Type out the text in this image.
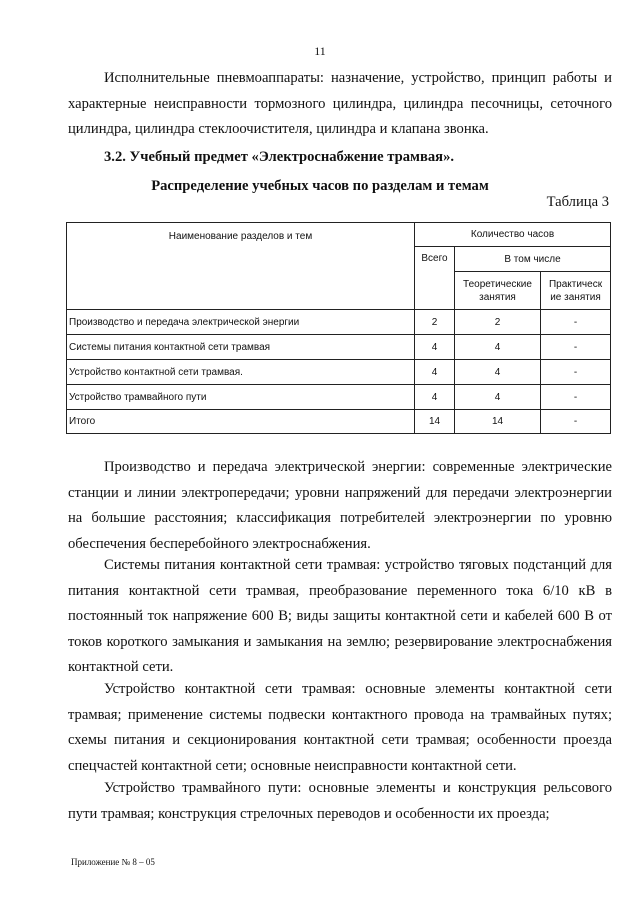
11
Исполнительные пневмоаппараты: назначение, устройство, принцип работы и характерные неисправности тормозного цилиндра, цилиндра песочницы, сеточного цилиндра, цилиндра стеклоочистителя, цилиндра и клапана звонка.
3.2. Учебный предмет «Электроснабжение трамвая».
Распределение учебных часов по разделам и темам
Таблица 3
Наименование разделов и тем	Количество часов		
	Всего	В том числе	
		Теоретические занятия	Практическ ие занятия
Производство и передача электрической энергии	2	2	-
Системы питания контактной сети трамвая	4	4	-
Устройство контактной сети трамвая.	4	4	-
Устройство трамвайного пути	4	4	-
Итого	14	14	-
Производство и передача электрической энергии: современные электрические станции и линии электропередачи; уровни напряжений для передачи электроэнергии на большие расстояния; классификация потребителей электроэнергии по уровню обеспечения бесперебойного электроснабжения.
Системы питания контактной сети трамвая: устройство тяговых подстанций для питания контактной сети трамвая, преобразование переменного тока 6/10 кВ в постоянный ток напряжение 600 В; виды защиты контактной сети и кабелей 600 В от токов короткого замыкания и замыкания на землю; резервирование электроснабжения контактной сети.
Устройство контактной сети трамвая: основные элементы контактной сети трамвая; применение системы подвески контактного провода на трамвайных путях; схемы питания и секционирования контактной сети трамвая; особенности проезда спецчастей контактной сети; основные неисправности контактной сети.
Устройство трамвайного пути: основные элементы и конструкция рельсового пути трамвая; конструкция стрелочных переводов и особенности их проезда;
Приложение № 8 – 05
